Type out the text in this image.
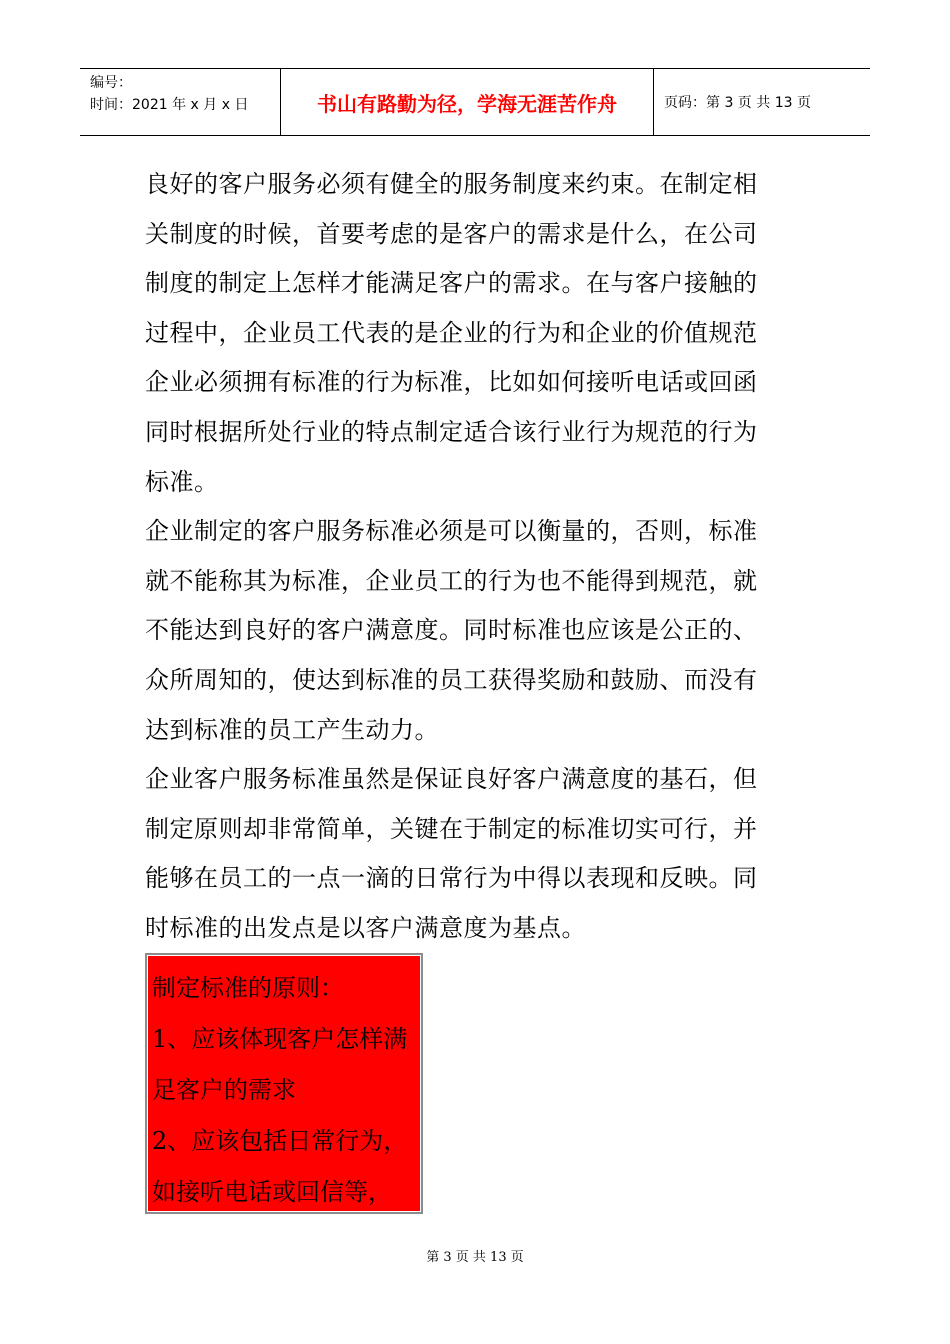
编号：
时间：2021 年 x 月 x 日	书山有路勤为径，学海无涯苦作舟	页码：第 3 页 共 13 页
良好的客户服务必须有健全的服务制度来约束。在制定相
关制度的时候，首要考虑的是客户的需求是什么，在公司
制度的制定上怎样才能满足客户的需求。在与客户接触的
过程中，企业员工代表的是企业的行为和企业的价值规范
企业必须拥有标准的行为标准，比如如何接听电话或回函
同时根据所处行业的特点制定适合该行业行为规范的行为
标准。
企业制定的客户服务标准必须是可以衡量的，否则，标准
就不能称其为标准，企业员工的行为也不能得到规范，就
不能达到良好的客户满意度。同时标准也应该是公正的、
众所周知的，使达到标准的员工获得奖励和鼓励、而没有
达到标准的员工产生动力。
企业客户服务标准虽然是保证良好客户满意度的基石，但
制定原则却非常简单，关键在于制定的标准切实可行，并
能够在员工的一点一滴的日常行为中得以表现和反映。同
时标准的出发点是以客户满意度为基点。
制定标准的原则：
1、应该体现客户怎样满
足客户的需求
2、应该包括日常行为，
如接听电话或回信等，
第 3 页 共 13 页
